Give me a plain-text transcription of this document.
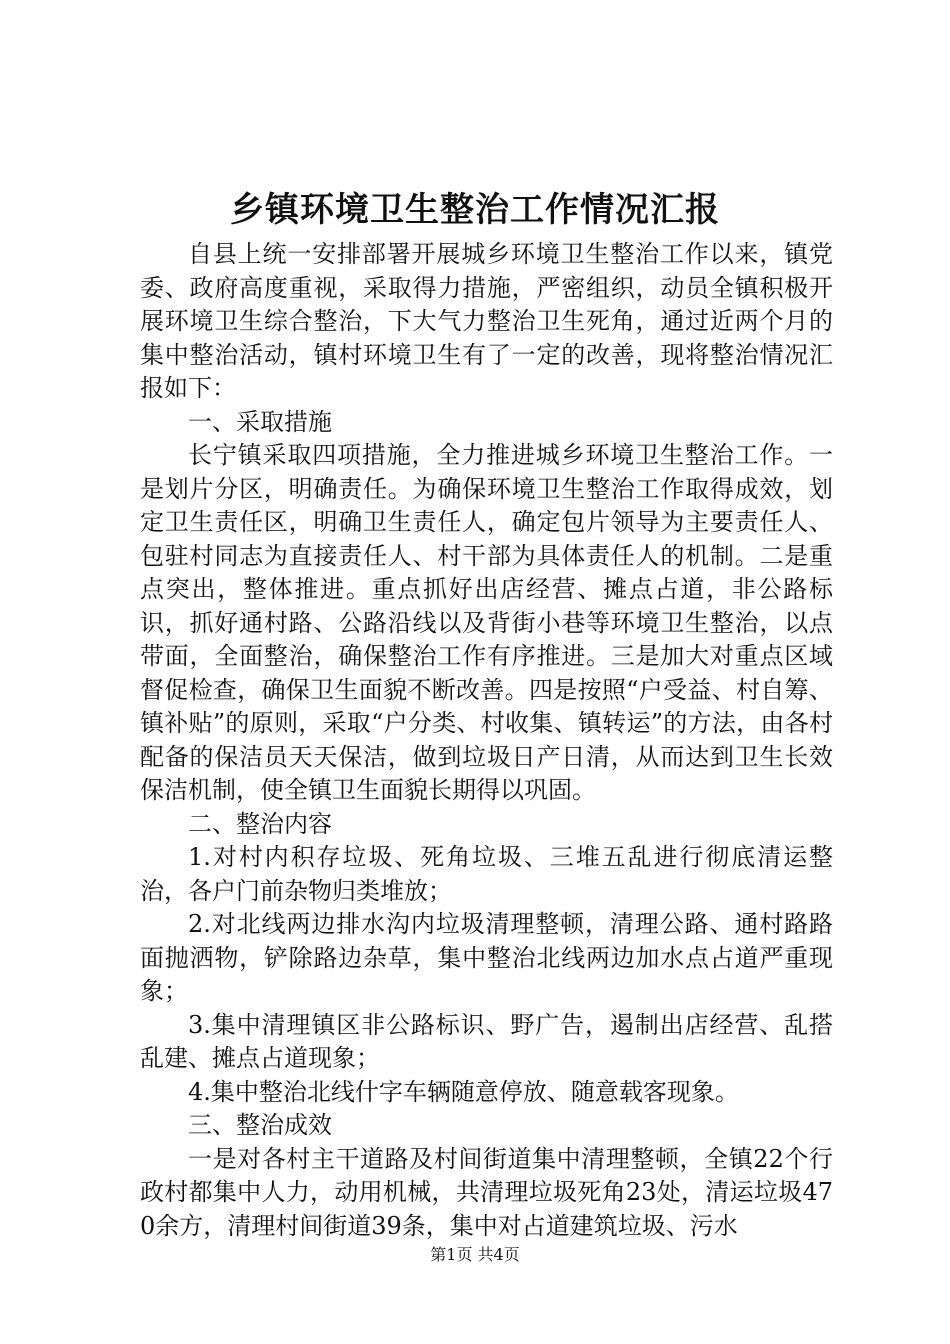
乡镇环境卫生整治工作情况汇报

自县上统一安排部署开展城乡环境卫生整治工作以来，镇党委、政府高度重视，采取得力措施，严密组织，动员全镇积极开展环境卫生综合整治，下大气力整治卫生死角，通过近两个月的集中整治活动，镇村环境卫生有了一定的改善，现将整治情况汇报如下：

一、采取措施

长宁镇采取四项措施，全力推进城乡环境卫生整治工作。一是划片分区，明确责任。为确保环境卫生整治工作取得成效，划定卫生责任区，明确卫生责任人，确定包片领导为主要责任人、包驻村同志为直接责任人、村干部为具体责任人的机制。二是重点突出，整体推进。重点抓好出店经营、摊点占道，非公路标识，抓好通村路、公路沿线以及背街小巷等环境卫生整治，以点带面，全面整治，确保整治工作有序推进。三是加大对重点区域督促检查，确保卫生面貌不断改善。四是按照“户受益、村自筹、镇补贴”的原则，采取“户分类、村收集、镇转运”的方法，由各村配备的保洁员天天保洁，做到垃圾日产日清，从而达到卫生长效保洁机制，使全镇卫生面貌长期得以巩固。

二、整治内容

1.对村内积存垃圾、死角垃圾、三堆五乱进行彻底清运整治，各户门前杂物归类堆放；

2.对北线两边排水沟内垃圾清理整顿，清理公路、通村路路面抛洒物，铲除路边杂草，集中整治北线两边加水点占道严重现象；

3.集中清理镇区非公路标识、野广告，遏制出店经营、乱搭乱建、摊点占道现象；

4.集中整治北线什字车辆随意停放、随意载客现象。

三、整治成效

一是对各村主干道路及村间街道集中清理整顿，全镇22个行政村都集中人力，动用机械，共清理垃圾死角23处，清运垃圾470余方，清理村间街道39条，集中对占道建筑垃圾、污水

第1页 共4页
